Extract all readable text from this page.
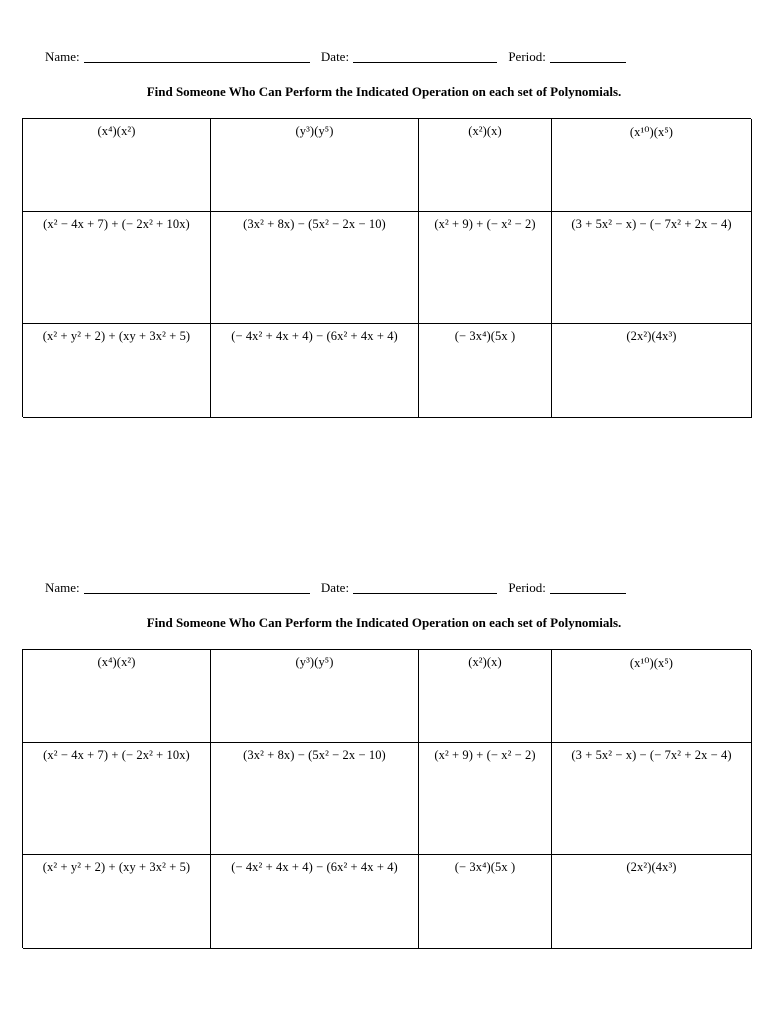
Name:	Date:	Period:
Find Someone Who Can Perform the Indicated Operation on each set of Polynomials.
(x⁴)(x²)	(y³)(y⁵)	(x²)(x)	(x¹⁰)(x⁵)
(x² − 4x + 7) + (− 2x² + 10x)	(3x² + 8x) − (5x² − 2x − 10)	(x² + 9) + (− x² − 2)	(3 + 5x² − x) − (− 7x² + 2x − 4)
(x² + y² + 2) + (xy + 3x² + 5)	(− 4x² + 4x + 4) − (6x² + 4x + 4)	(− 3x⁴)(5x )	(2x²)(4x³)
Name:	Date:	Period:
Find Someone Who Can Perform the Indicated Operation on each set of Polynomials.
(x⁴)(x²)	(y³)(y⁵)	(x²)(x)	(x¹⁰)(x⁵)
(x² − 4x + 7) + (− 2x² + 10x)	(3x² + 8x) − (5x² − 2x − 10)	(x² + 9) + (− x² − 2)	(3 + 5x² − x) − (− 7x² + 2x − 4)
(x² + y² + 2) + (xy + 3x² + 5)	(− 4x² + 4x + 4) − (6x² + 4x + 4)	(− 3x⁴)(5x )	(2x²)(4x³)
